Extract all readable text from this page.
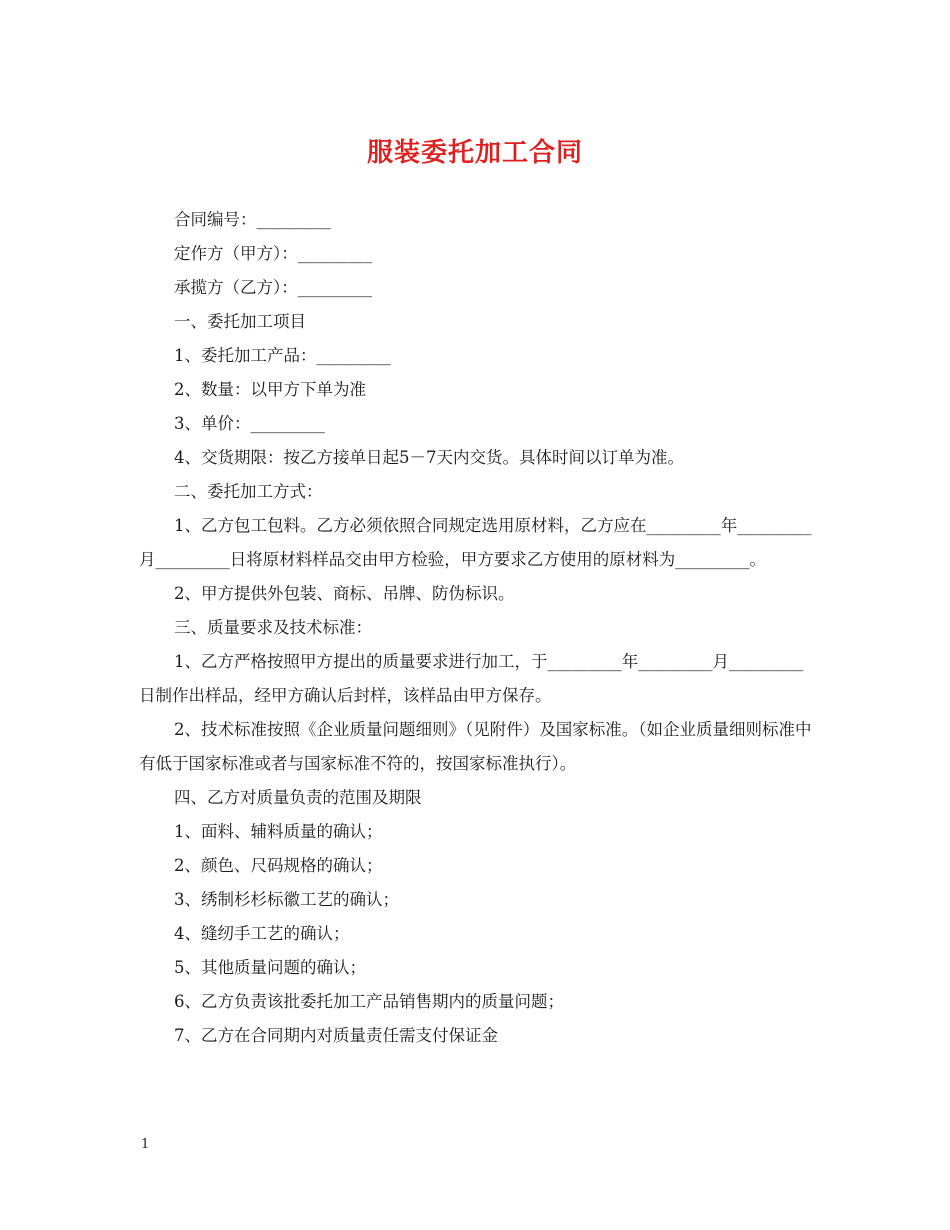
服装委托加工合同

合同编号：_________

定作方（甲方）：_________

承揽方（乙方）：_________

一、委托加工项目

1、委托加工产品：_________

2、数量：以甲方下单为准

3、单价：_________

4、交货期限：按乙方接单日起5－7天内交货。具体时间以订单为准。

二、委托加工方式：

1、乙方包工包料。乙方必须依照合同规定选用原材料，乙方应在_________年_________月_________日将原材料样品交由甲方检验，甲方要求乙方使用的原材料为_________。

2、甲方提供外包装、商标、吊牌、防伪标识。

三、质量要求及技术标准：

1、乙方严格按照甲方提出的质量要求进行加工，于_________年_________月_________日制作出样品，经甲方确认后封样，该样品由甲方保存。

2、技术标准按照《企业质量问题细则》（见附件）及国家标准。（如企业质量细则标准中有低于国家标准或者与国家标准不符的，按国家标准执行）。

四、乙方对质量负责的范围及期限

1、面料、辅料质量的确认；

2、颜色、尺码规格的确认；

3、绣制杉杉标徽工艺的确认；

4、缝纫手工艺的确认；

5、其他质量问题的确认；

6、乙方负责该批委托加工产品销售期内的质量问题；

7、乙方在合同期内对质量责任需支付保证金

1
